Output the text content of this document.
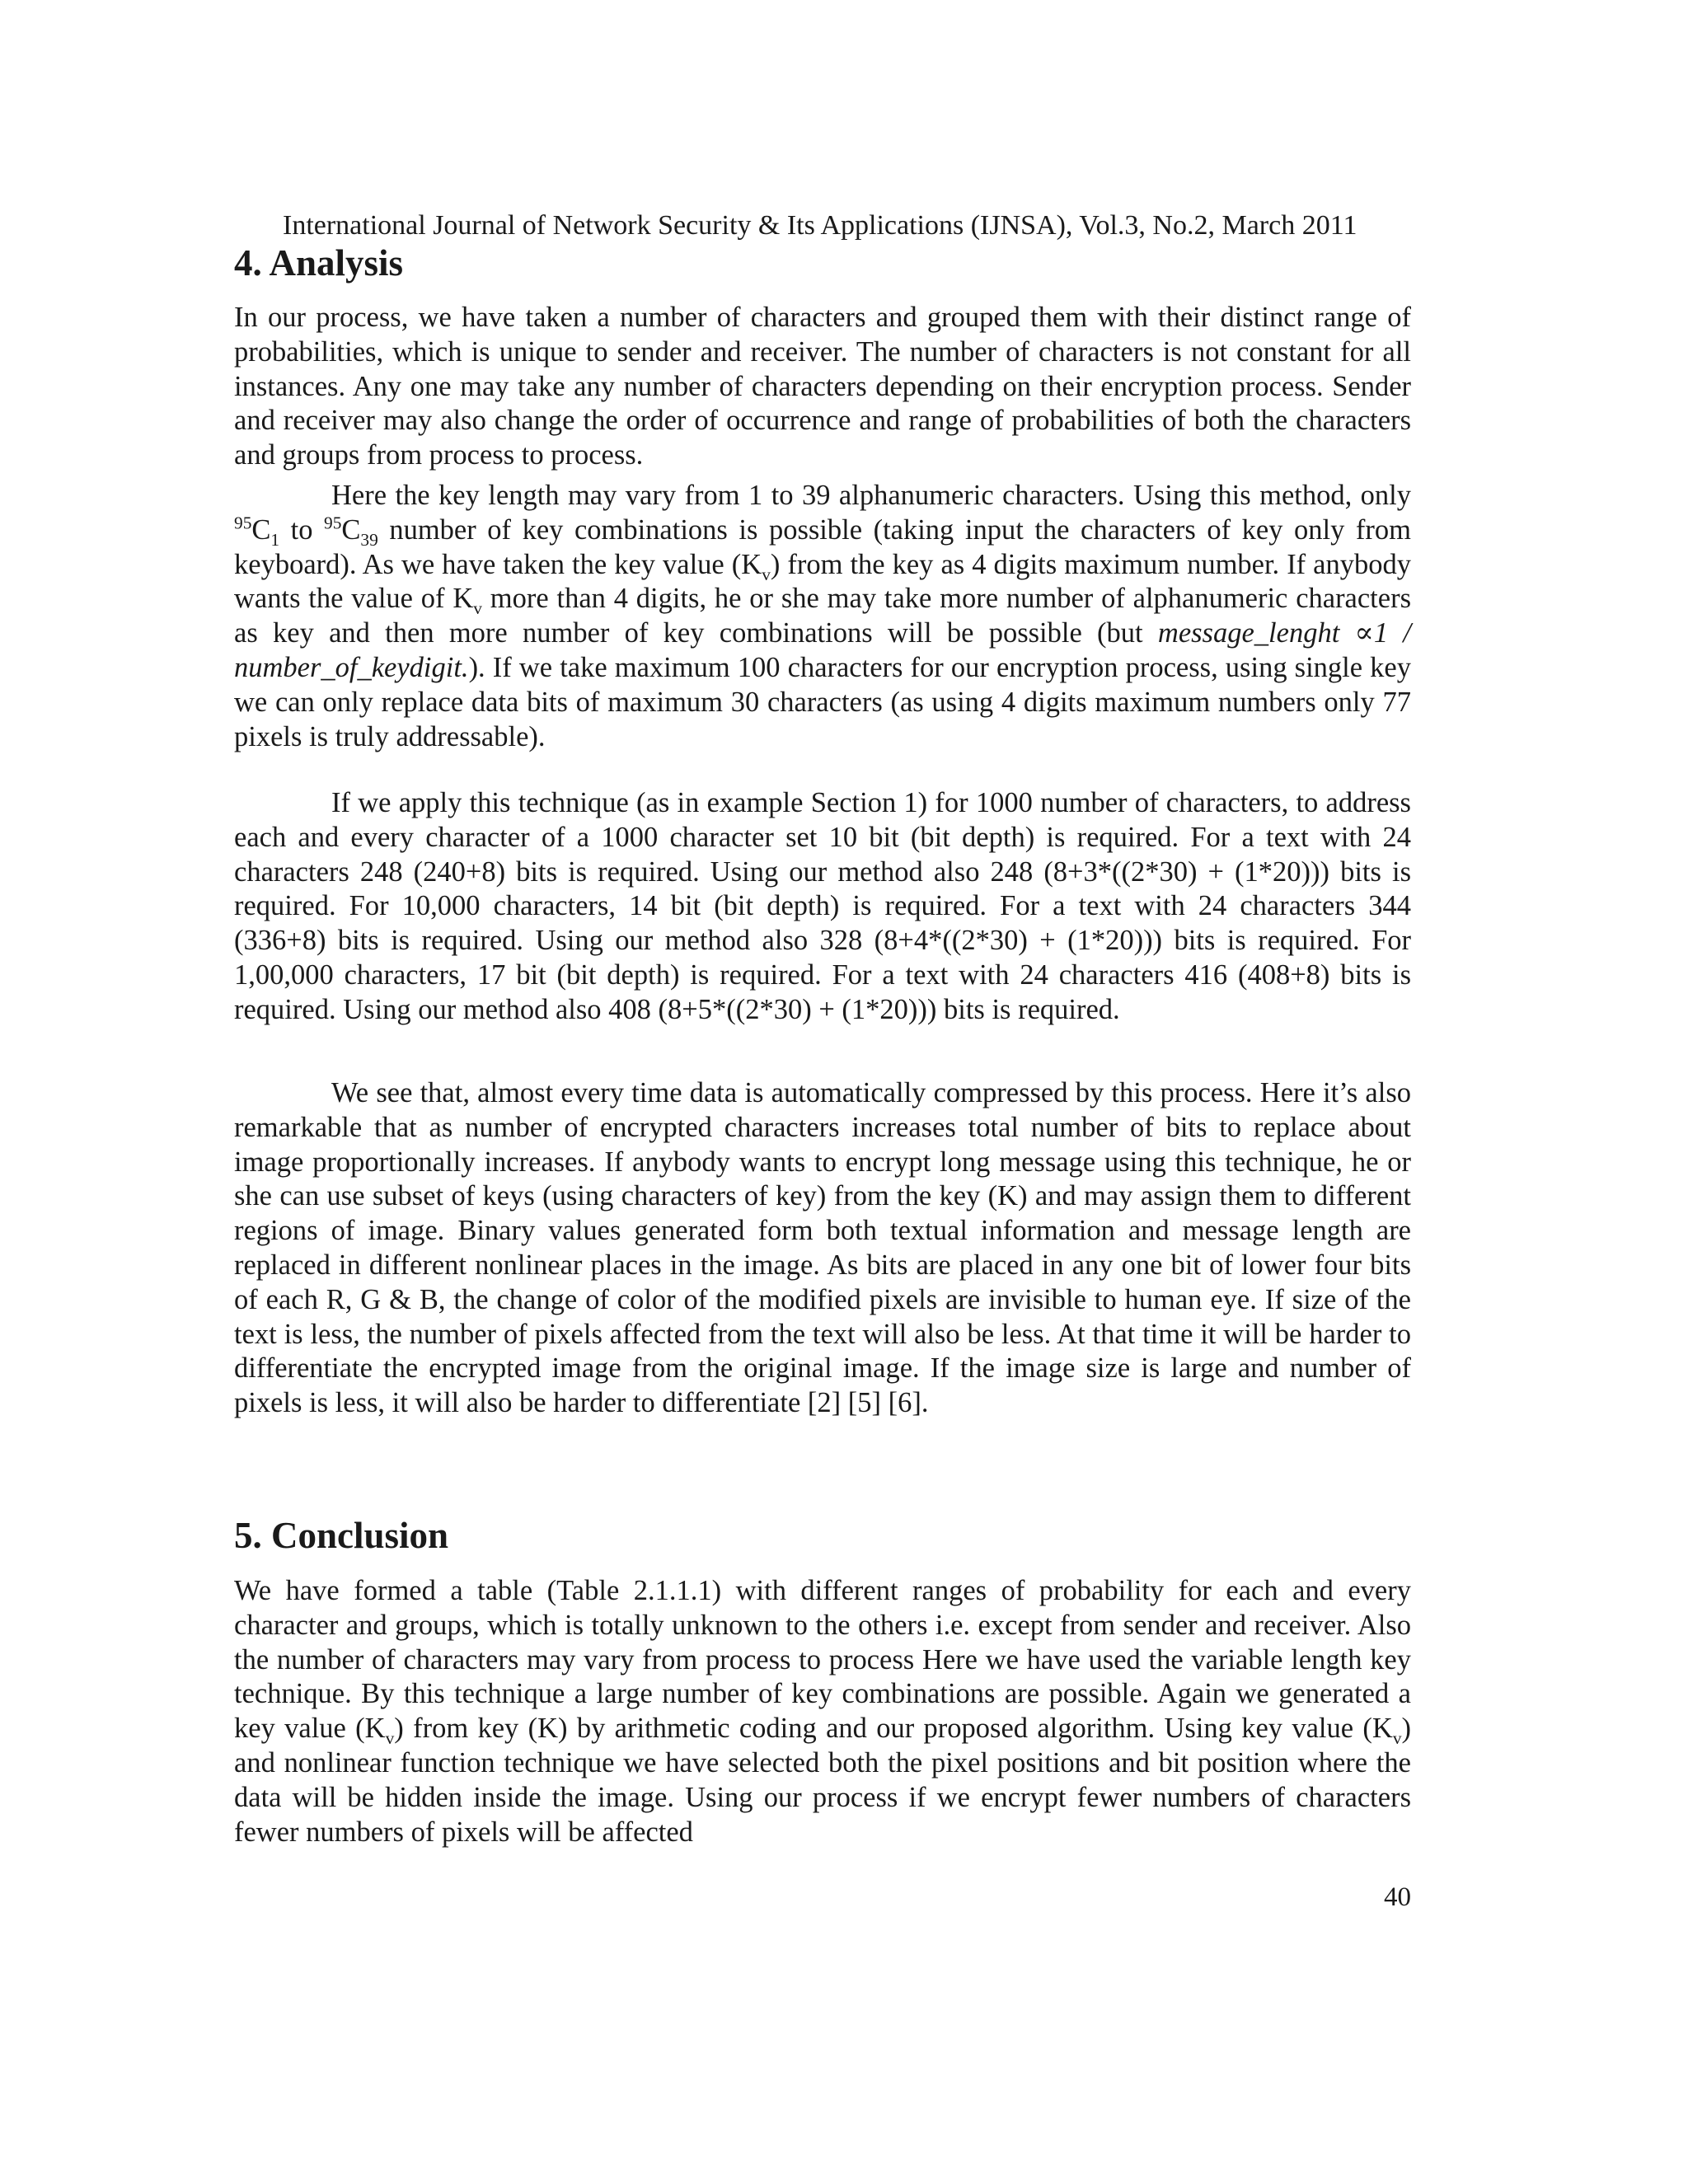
International Journal of Network Security & Its Applications (IJNSA), Vol.3, No.2, March 2011
4. Analysis

In our process, we have taken a number of characters and grouped them with their distinct range of probabilities, which is unique to sender and receiver. The number of characters is not constant for all instances. Any one may take any number of characters depending on their encryption process. Sender and receiver may also change the order of occurrence and range of probabilities of both the characters and groups from process to process.

Here the key length may vary from 1 to 39 alphanumeric characters. Using this method, only $^{95}C_1$ to $^{95}C_{39}$ number of key combinations is possible (taking input the characters of key only from keyboard). As we have taken the key value $(K_v)$ from the key as 4 digits maximum number. If anybody wants the value of $K_v$ more than 4 digits, he or she may take more number of alphanumeric characters as key and then more number of key combinations will be possible (but message_lenght ∝1 / number_of_keydigit.). If we take maximum 100 characters for our encryption process, using single key we can only replace data bits of maximum 30 characters (as using 4 digits maximum numbers only 77 pixels is truly addressable).

If we apply this technique (as in example Section 1) for 1000 number of characters, to address each and every character of a 1000 character set 10 bit (bit depth) is required. For a text with 24 characters 248 (240+8) bits is required. Using our method also 248 (8+3*((2*30) + (1*20))) bits is required. For 10,000 characters, 14 bit (bit depth) is required. For a text with 24 characters 344 (336+8) bits is required. Using our method also 328 (8+4*((2*30) + (1*20))) bits is required. For 1,00,000 characters, 17 bit (bit depth) is required. For a text with 24 characters 416 (408+8) bits is required. Using our method also 408 (8+5*((2*30) + (1*20))) bits is required.

We see that, almost every time data is automatically compressed by this process. Here it’s also remarkable that as number of encrypted characters increases total number of bits to replace about image proportionally increases. If anybody wants to encrypt long message using this technique, he or she can use subset of keys (using characters of key) from the key (K) and may assign them to different regions of image. Binary values generated form both textual information and message length are replaced in different nonlinear places in the image. As bits are placed in any one bit of lower four bits of each R, G & B, the change of color of the modified pixels are invisible to human eye. If size of the text is less, the number of pixels affected from the text will also be less. At that time it will be harder to differentiate the encrypted image from the original image. If the image size is large and number of pixels is less, it will also be harder to differentiate [2] [5] [6].

5. Conclusion

We have formed a table (Table 2.1.1.1) with different ranges of probability for each and every character and groups, which is totally unknown to the others i.e. except from sender and receiver. Also the number of characters may vary from process to process Here we have used the variable length key technique. By this technique a large number of key combinations are possible. Again we generated a key value $(K_v)$ from key (K) by arithmetic coding and our proposed algorithm. Using key value $(K_v)$ and nonlinear function technique we have selected both the pixel positions and bit position where the data will be hidden inside the image. Using our process if we encrypt fewer numbers of characters fewer numbers of pixels will be affected

40
